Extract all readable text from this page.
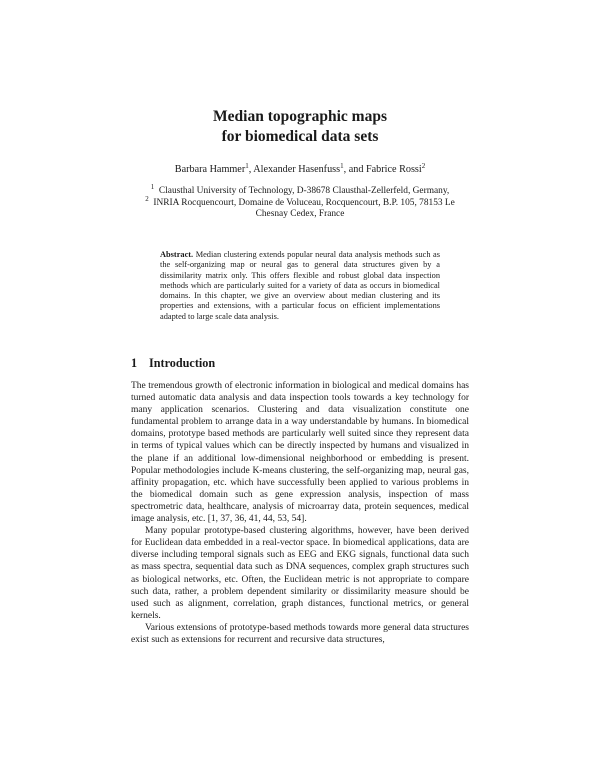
Median topographic maps
for biomedical data sets
Barbara Hammer$^1$, Alexander Hasenfuss$^1$, and Fabrice Rossi$^2$
$^1$ Clausthal University of Technology, D-38678 Clausthal-Zellerfeld, Germany,
$^2$ INRIA Rocquencourt, Domaine de Voluceau, Rocquencourt, B.P. 105, 78153 Le
Chesnay Cedex, France
Abstract. Median clustering extends popular neural data analysis methods such as the self-organizing map or neural gas to general data structures given by a dissimilarity matrix only. This offers flexible and robust global data inspection methods which are particularly suited for a variety of data as occurs in biomedical domains. In this chapter, we give an overview about median clustering and its properties and extensions, with a particular focus on efficient implementations adapted to large scale data analysis.
1 Introduction

The tremendous growth of electronic information in biological and medical domains has turned automatic data analysis and data inspection tools towards a key technology for many application scenarios. Clustering and data visualization constitute one fundamental problem to arrange data in a way understandable by humans. In biomedical domains, prototype based methods are particularly well suited since they represent data in terms of typical values which can be directly inspected by humans and visualized in the plane if an additional low-dimensional neighborhood or embedding is present. Popular methodologies include K-means clustering, the self-organizing map, neural gas, affinity propagation, etc. which have successfully been applied to various problems in the biomedical domain such as gene expression analysis, inspection of mass spectrometric data, healthcare, analysis of microarray data, protein sequences, medical image analysis, etc. [1, 37, 36, 41, 44, 53, 54].

Many popular prototype-based clustering algorithms, however, have been derived for Euclidean data embedded in a real-vector space. In biomedical applications, data are diverse including temporal signals such as EEG and EKG signals, functional data such as mass spectra, sequential data such as DNA sequences, complex graph structures such as biological networks, etc. Often, the Euclidean metric is not appropriate to compare such data, rather, a problem dependent similarity or dissimilarity measure should be used such as alignment, correlation, graph distances, functional metrics, or general kernels.

Various extensions of prototype-based methods towards more general data structures exist such as extensions for recurrent and recursive data structures,
